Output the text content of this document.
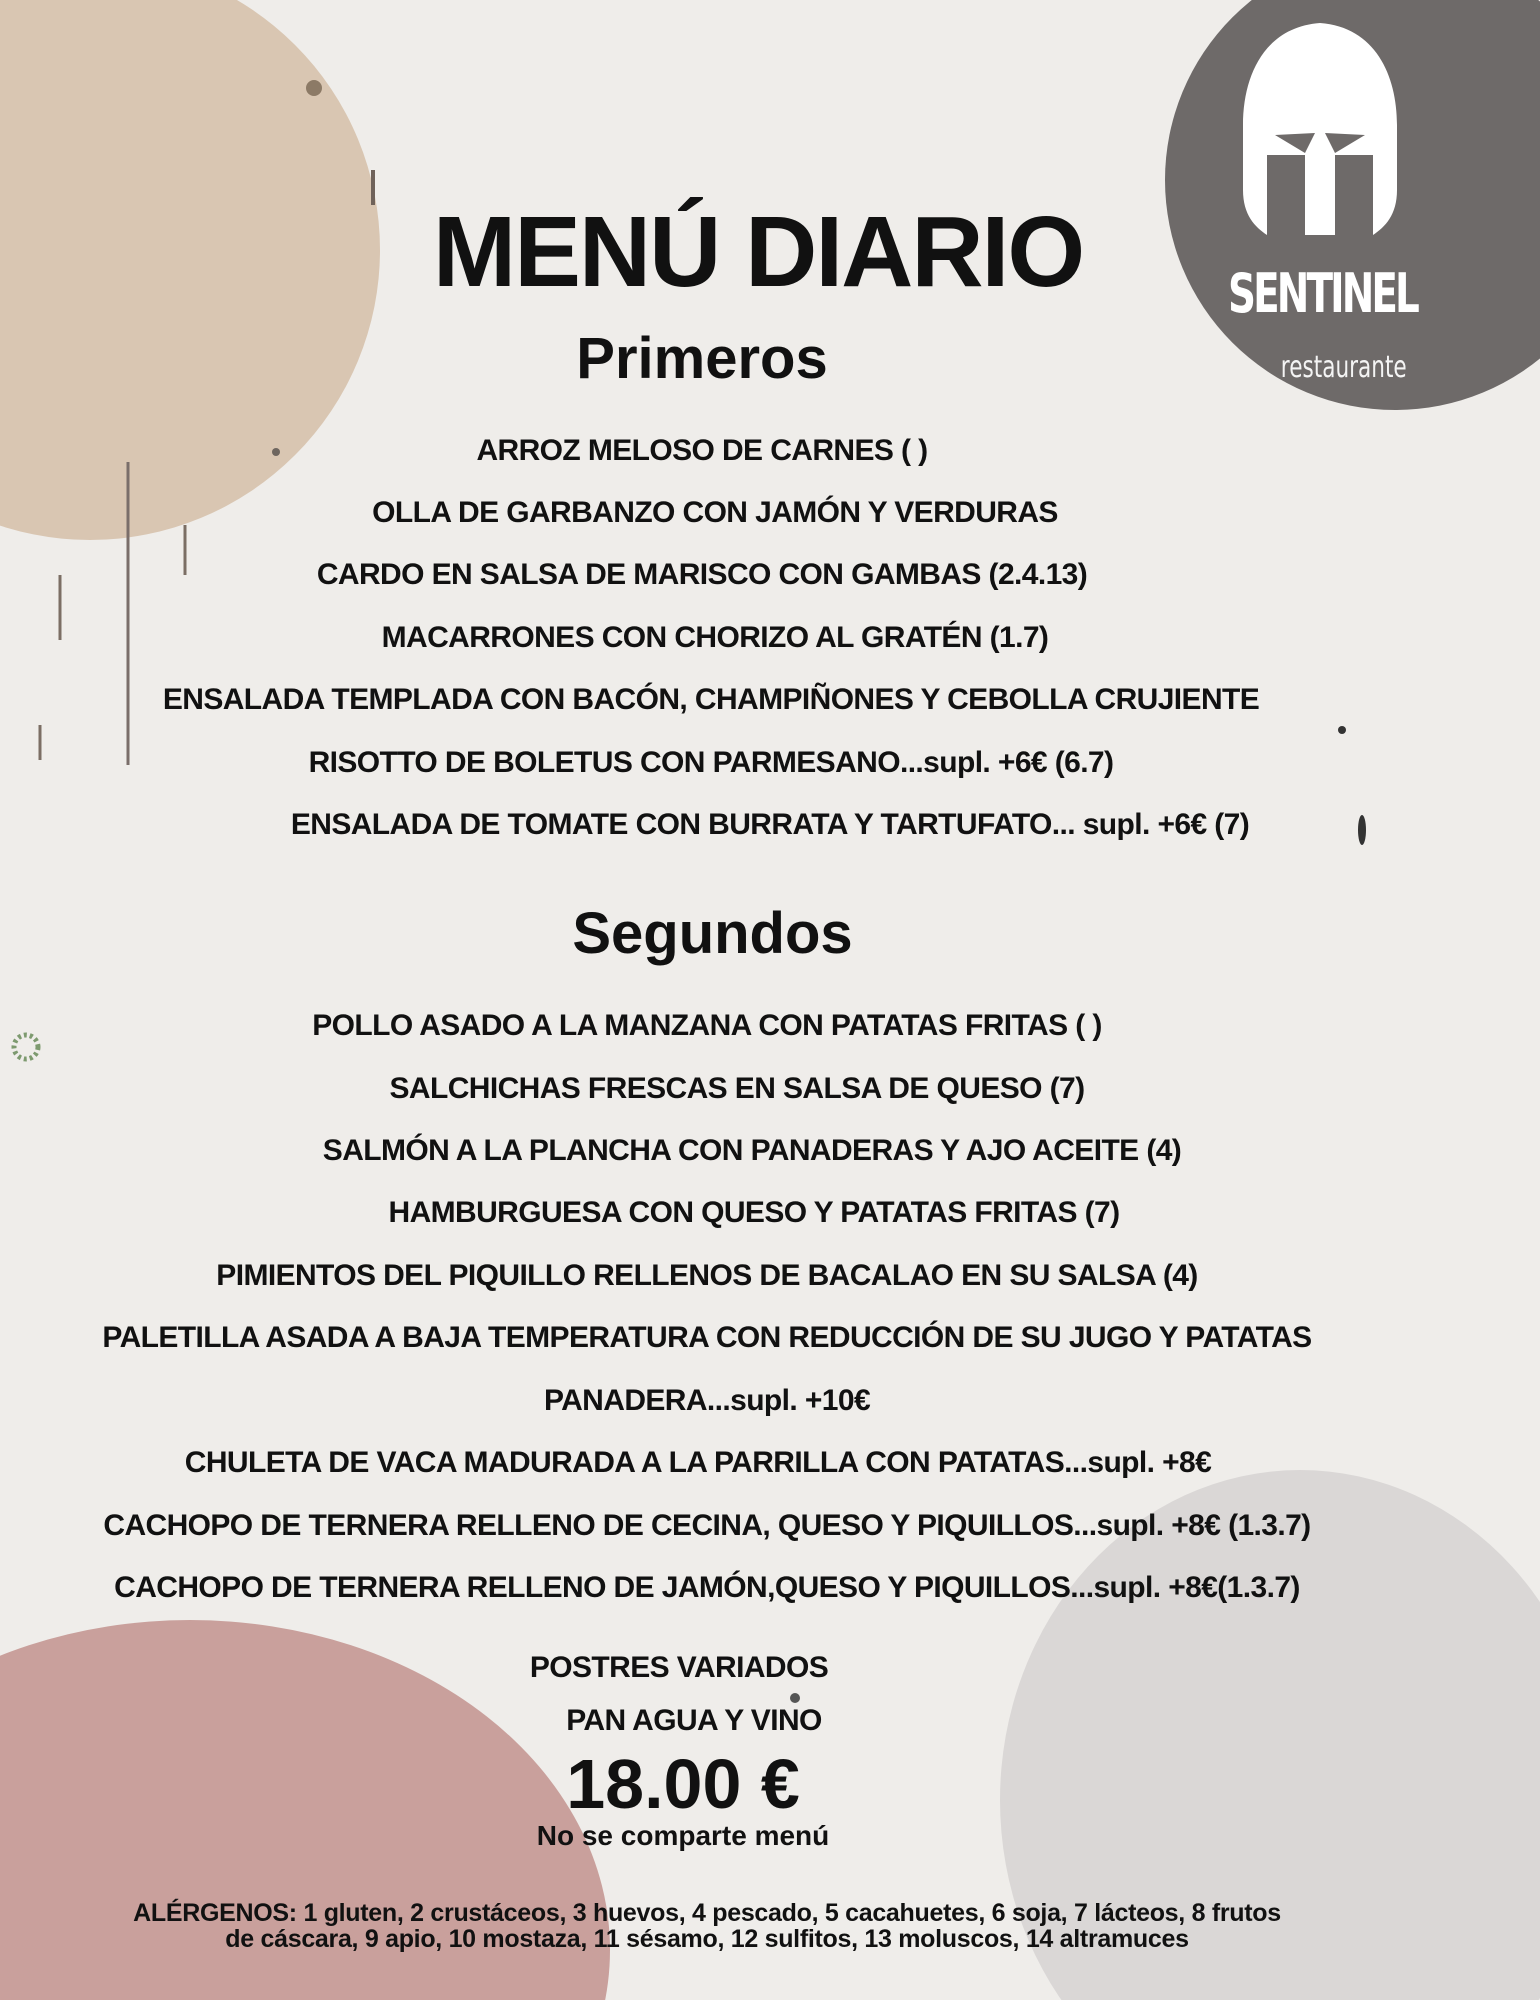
SENTINEL
restaurante
MENÚ DIARIO
Primeros

ARROZ MELOSO DE CARNES ( )

OLLA DE GARBANZO CON JAMÓN Y VERDURAS

CARDO EN SALSA DE MARISCO CON GAMBAS (2.4.13)

MACARRONES CON CHORIZO AL GRATÉN (1.7)

ENSALADA TEMPLADA CON BACÓN, CHAMPIÑONES Y CEBOLLA CRUJIENTE

RISOTTO DE BOLETUS CON PARMESANO...supl. +6€ (6.7)

ENSALADA DE TOMATE CON BURRATA Y TARTUFATO... supl. +6€ (7)

Segundos

POLLO ASADO A LA MANZANA CON PATATAS FRITAS ( )

SALCHICHAS FRESCAS EN SALSA DE QUESO (7)

SALMÓN A LA PLANCHA CON PANADERAS Y AJO ACEITE (4)

HAMBURGUESA CON QUESO Y PATATAS FRITAS (7)

PIMIENTOS DEL PIQUILLO RELLENOS DE BACALAO EN SU SALSA (4)

PALETILLA ASADA A BAJA TEMPERATURA CON REDUCCIÓN DE SU JUGO Y PATATAS

PANADERA...supl. +10€

CHULETA DE VACA MADURADA A LA PARRILLA CON PATATAS...supl. +8€

CACHOPO DE TERNERA RELLENO DE CECINA, QUESO Y PIQUILLOS...supl. +8€ (1.3.7)

CACHOPO DE TERNERA RELLENO DE JAMÓN,QUESO Y PIQUILLOS...supl. +8€(1.3.7)

POSTRES VARIADOS

PAN AGUA Y VINO

18.00 €

No se comparte menú
ALÉRGENOS: 1 gluten, 2 crustáceos, 3 huevos, 4 pescado, 5 cacahuetes, 6 soja, 7 lácteos, 8 frutos
de cáscara, 9 apio, 10 mostaza, 11 sésamo, 12 sulfitos, 13 moluscos, 14 altramuces
